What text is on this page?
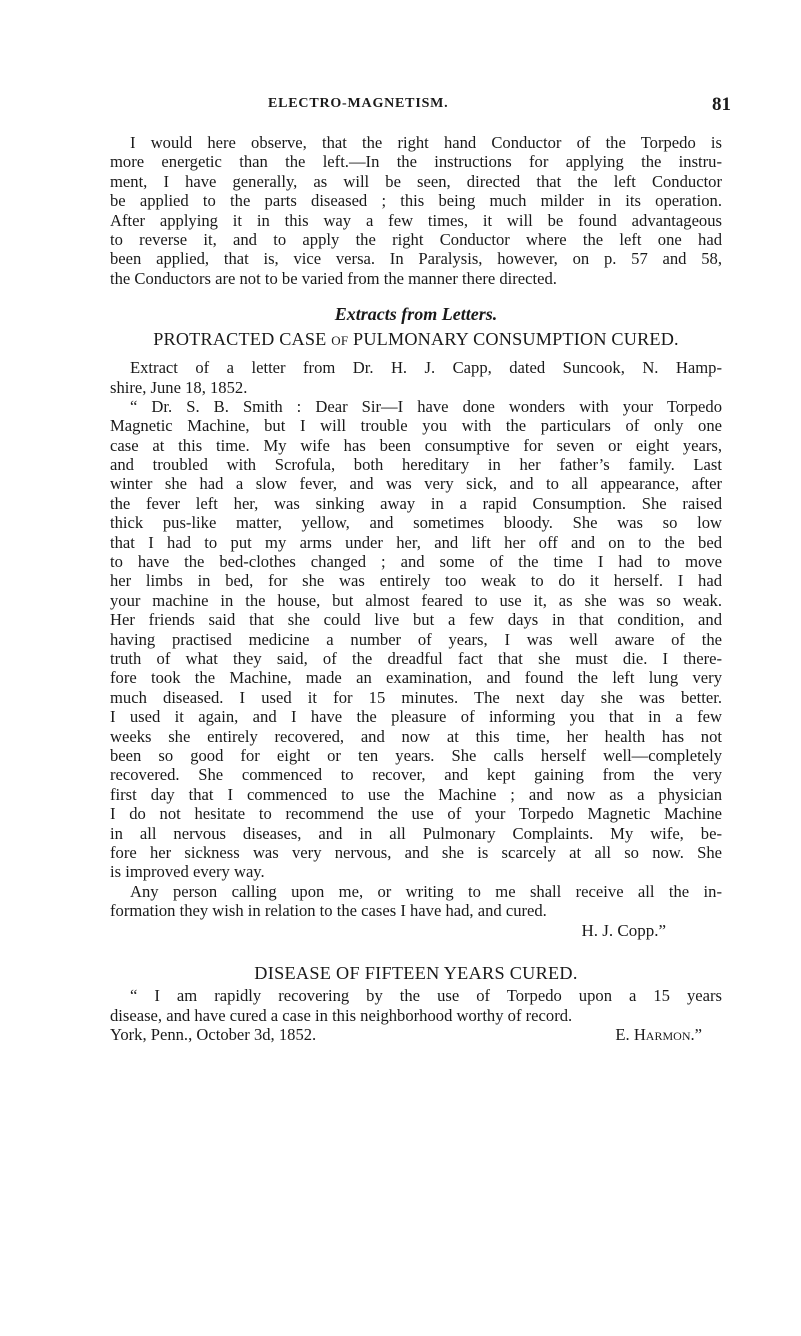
ELECTRO-MAGNETISM.	81
I would here observe, that the right hand Conductor of the Torpedo is
more energetic than the left.—In the instructions for applying the instru-
ment, I have generally, as will be seen, directed that the left Conductor
be applied to the parts diseased ; this being much milder in its operation.
After applying it in this way a few times, it will be found advantageous
to reverse it, and to apply the right Conductor where the left one had
been applied, that is, vice versa. In Paralysis, however, on p. 57 and 58,
the Conductors are not to be varied from the manner there directed.
Extracts from Letters.
PROTRACTED CASE OF PULMONARY CONSUMPTION CURED.
Extract of a letter from Dr. H. J. Capp, dated Suncook, N. Hamp-
shire, June 18, 1852.
“ Dr. S. B. Smith : Dear Sir—I have done wonders with your Torpedo
Magnetic Machine, but I will trouble you with the particulars of only one
case at this time. My wife has been consumptive for seven or eight years,
and troubled with Scrofula, both hereditary in her father’s family. Last
winter she had a slow fever, and was very sick, and to all appearance, after
the fever left her, was sinking away in a rapid Consumption. She raised
thick pus-like matter, yellow, and sometimes bloody. She was so low
that I had to put my arms under her, and lift her off and on to the bed
to have the bed-clothes changed ; and some of the time I had to move
her limbs in bed, for she was entirely too weak to do it herself. I had
your machine in the house, but almost feared to use it, as she was so weak.
Her friends said that she could live but a few days in that condition, and
having practised medicine a number of years, I was well aware of the
truth of what they said, of the dreadful fact that she must die. I there-
fore took the Machine, made an examination, and found the left lung very
much diseased. I used it for 15 minutes. The next day she was better.
I used it again, and I have the pleasure of informing you that in a few
weeks she entirely recovered, and now at this time, her health has not
been so good for eight or ten years. She calls herself well—completely
recovered. She commenced to recover, and kept gaining from the very
first day that I commenced to use the Machine ; and now as a physician
I do not hesitate to recommend the use of your Torpedo Magnetic Machine
in all nervous diseases, and in all Pulmonary Complaints. My wife, be-
fore her sickness was very nervous, and she is scarcely at all so now. She
is improved every way.
Any person calling upon me, or writing to me shall receive all the in-
formation they wish in relation to the cases I have had, and cured.
H. J. Copp.”
DISEASE OF FIFTEEN YEARS CURED.
“ I am rapidly recovering by the use of Torpedo upon a 15 years
disease, and have cured a case in this neighborhood worthy of record.
York, Penn., October 3d, 1852.	E. Harmon.”
